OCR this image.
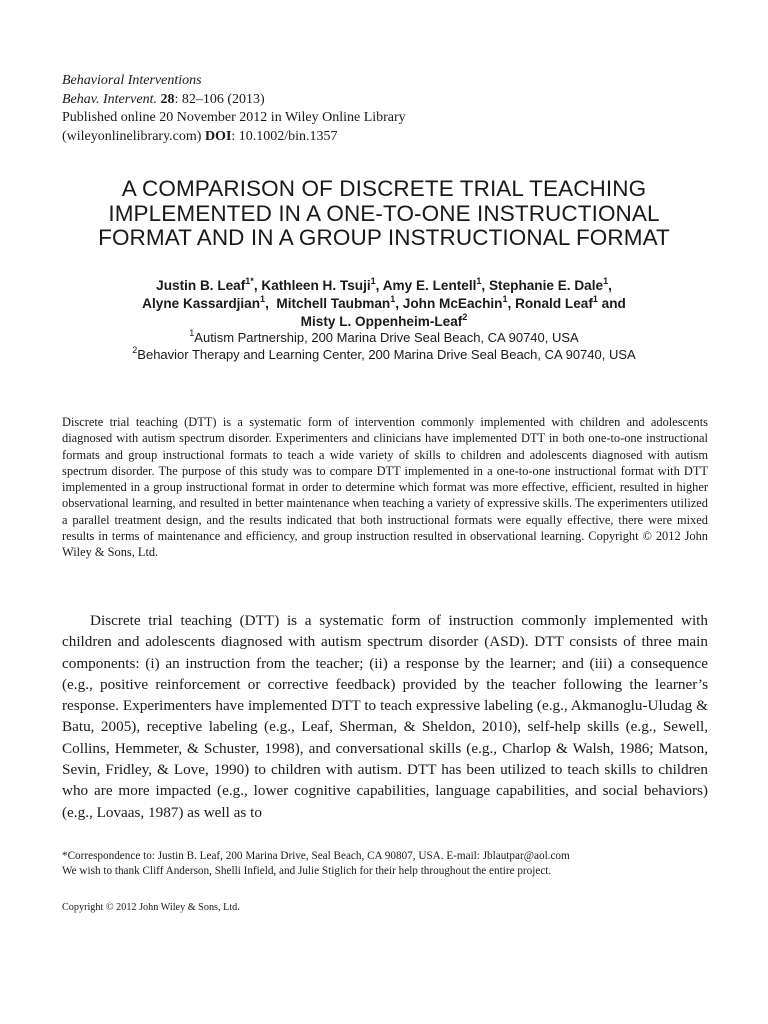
Behavioral Interventions
Behav. Intervent. 28: 82–106 (2013)
Published online 20 November 2012 in Wiley Online Library
(wileyonlinelibrary.com) DOI: 10.1002/bin.1357
A COMPARISON OF DISCRETE TRIAL TEACHING
IMPLEMENTED IN A ONE-TO-ONE INSTRUCTIONAL
FORMAT AND IN A GROUP INSTRUCTIONAL FORMAT
Justin B. Leaf$^{1*}$, Kathleen H. Tsuji$^1$, Amy E. Lentell$^1$, Stephanie E. Dale$^1$,
Alyne Kassardjian$^1$,  Mitchell Taubman$^1$, John McEachin$^1$, Ronald Leaf$^1$ and
Misty L. Oppenheim-Leaf$^2$
$^1$Autism Partnership, 200 Marina Drive Seal Beach, CA 90740, USA
$^2$Behavior Therapy and Learning Center, 200 Marina Drive Seal Beach, CA 90740, USA
Discrete trial teaching (DTT) is a systematic form of intervention commonly implemented with children and adolescents diagnosed with autism spectrum disorder. Experimenters and clinicians have implemented DTT in both one-to-one instructional formats and group instructional formats to teach a wide variety of skills to children and adolescents diagnosed with autism spectrum disorder. The purpose of this study was to compare DTT implemented in a one-to-one instructional format with DTT implemented in a group instructional format in order to determine which format was more effective, efficient, resulted in higher observational learning, and resulted in better maintenance when teaching a variety of expressive skills. The experimenters utilized a parallel treatment design, and the results indicated that both instructional formats were equally effective, there were mixed results in terms of maintenance and efficiency, and group instruction resulted in observational learning. Copyright © 2012 John Wiley & Sons, Ltd.

Discrete trial teaching (DTT) is a systematic form of instruction commonly implemented with children and adolescents diagnosed with autism spectrum disorder (ASD). DTT consists of three main components: (i) an instruction from the teacher; (ii) a response by the learner; and (iii) a consequence (e.g., positive reinforcement or corrective feedback) provided by the teacher following the learner’s response. Experimenters have implemented DTT to teach expressive labeling (e.g., Akmanoglu-Uludag & Batu, 2005), receptive labeling (e.g., Leaf, Sherman, & Sheldon, 2010), self-help skills (e.g., Sewell, Collins, Hemmeter, & Schuster, 1998), and conversational skills (e.g., Charlop & Walsh, 1986; Matson, Sevin, Fridley, & Love, 1990) to children with autism. DTT has been utilized to teach skills to children who are more impacted (e.g., lower cognitive capabilities, language capabilities, and social behaviors) (e.g., Lovaas, 1987) as well as to

*Correspondence to: Justin B. Leaf, 200 Marina Drive, Seal Beach, CA 90807, USA. E-mail: Jblautpar@aol.com
We wish to thank Cliff Anderson, Shelli Infield, and Julie Stiglich for their help throughout the entire project.
Copyright © 2012 John Wiley & Sons, Ltd.
